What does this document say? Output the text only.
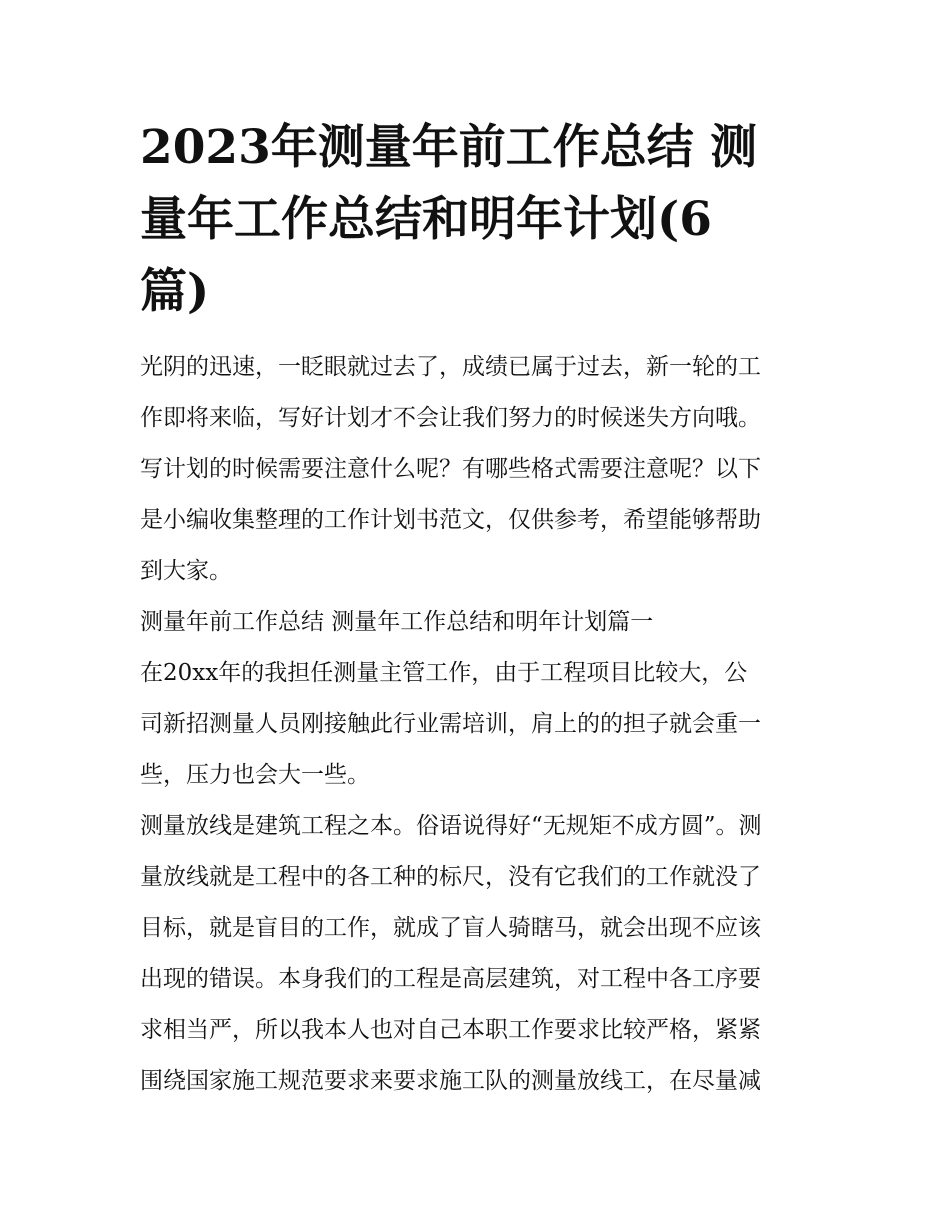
2023年测量年前工作总结 测
量年工作总结和明年计划(6
篇)

光阴的迅速，一眨眼就过去了，成绩已属于过去，新一轮的工
作即将来临，写好计划才不会让我们努力的时候迷失方向哦。
写计划的时候需要注意什么呢？有哪些格式需要注意呢？以下
是小编收集整理的工作计划书范文，仅供参考，希望能够帮助
到大家。

测量年前工作总结 测量年工作总结和明年计划篇一

在20xx年的我担任测量主管工作，由于工程项目比较大，公
司新招测量人员刚接触此行业需培训，肩上的的担子就会重一
些，压力也会大一些。

测量放线是建筑工程之本。俗语说得好“无规矩不成方圆”。测
量放线就是工程中的各工种的标尺，没有它我们的工作就没了
目标，就是盲目的工作，就成了盲人骑瞎马，就会出现不应该
出现的错误。本身我们的工程是高层建筑，对工程中各工序要
求相当严，所以我本人也对自己本职工作要求比较严格，紧紧
围绕国家施工规范要求来要求施工队的测量放线工，在尽量减
